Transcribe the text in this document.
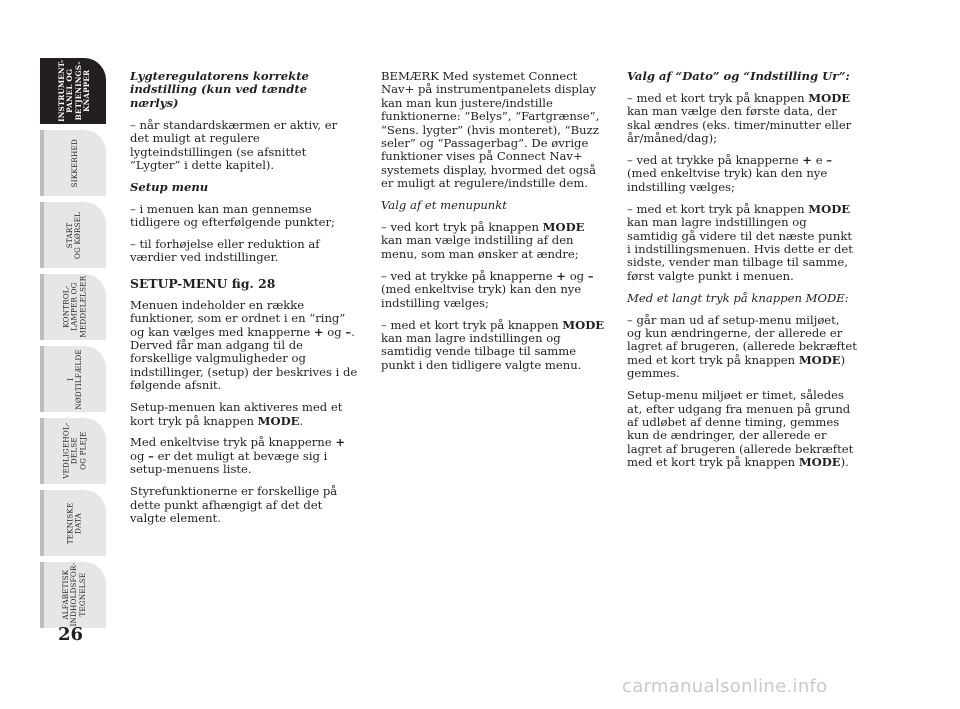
INSTRUMENT-
PANEL OG
BETJENINGS-
KNAPPER
SIKKERHED
START
OG KØRSEL
KONTROL-
LAMPER OG
MEDDELELSER
I
NØDTILFÆLDE
VEDLIGEHOL-
DELSE
OG PLEJE
TEKNISKE
DATA
ALFABETISK
INDHOLDSFOR-
TEGNELSE
26

Lygteregulatorens korrekte indstilling (kun ved tændte nærlys)

– når standardskærmen er aktiv, er det muligt at regulere lygteindstillingen (se afsnittet “Lygter” i dette kapitel).

Setup menu

– i menuen kan man gennemse tidligere og efterfølgende punkter;

– til forhøjelse eller reduktion af værdier ved indstillinger.

SETUP-MENU fig. 28

Menuen indeholder en række funktioner, som er ordnet i en “ring” og kan vælges med knapperne + og –. Derved får man adgang til de forskellige valgmuligheder og indstillinger, (setup) der beskrives i de følgende afsnit.

Setup-menuen kan aktiveres med et kort tryk på knappen MODE.

Med enkeltvise tryk på knapperne + og – er det muligt at bevæge sig i setup-menuens liste.

Styrefunktionerne er forskellige på dette punkt afhængigt af det det valgte element.

BEMÆRK Med systemet Connect Nav+ på instrumentpanelets display kan man kun justere/indstille funktionerne: “Belys”, “Fartgrænse”, “Sens. lygter” (hvis monteret), “Buzz seler” og “Passagerbag”. De øvrige funktioner vises på Connect Nav+ systemets display, hvormed det også er muligt at regulere/indstille dem.

Valg af et menupunkt

– ved kort tryk på knappen MODE kan man vælge indstilling af den menu, som man ønsker at ændre;

– ved at trykke på knapperne + og – (med enkeltvise tryk) kan den nye indstilling vælges;

– med et kort tryk på knappen MODE kan man lagre indstillingen og samtidig vende tilbage til samme punkt i den tidligere valgte menu.

Valg af “Dato” og “Indstilling Ur”:

– med et kort tryk på knappen MODE kan man vælge den første data, der skal ændres (eks. timer/minutter eller år/måned/dag);

– ved at trykke på knapperne + e – (med enkeltvise tryk) kan den nye indstilling vælges;

– med et kort tryk på knappen MODE kan man lagre indstillingen og samtidig gå videre til det næste punkt i indstillingsmenuen. Hvis dette er det sidste, vender man tilbage til samme, først valgte punkt i menuen.

Med et langt tryk på knappen MODE:

– går man ud af setup-menu miljøet, og kun ændringerne, der allerede er lagret af brugeren, (allerede bekræftet med et kort tryk på knappen MODE) gemmes.

Setup-menu miljøet er timet, således at, efter udgang fra menuen på grund af udløbet af denne timing, gemmes kun de ændringer, der allerede er lagret af brugeren (allerede bekræftet med et kort tryk på knappen MODE).

carmanualsonline.info
